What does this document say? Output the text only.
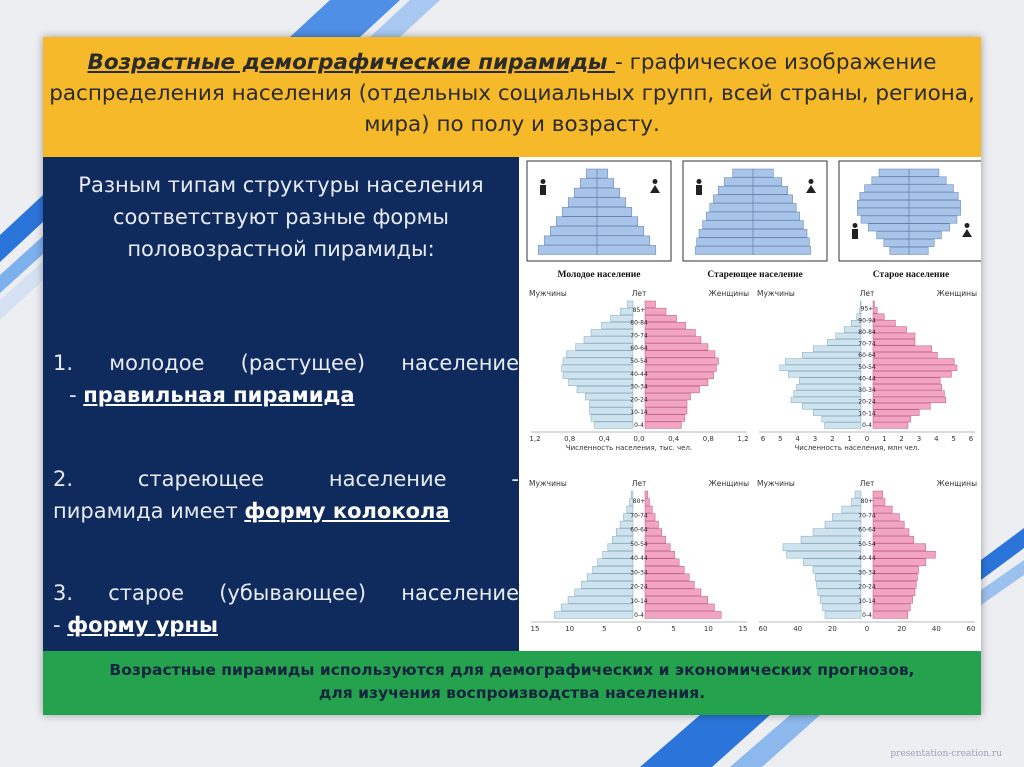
Возрастные демографические пирамиды - графическое изображение распределения населения (отдельных социальных групп, всей страны, региона, мира) по полу и возрасту.
Разным типам структуры населения соответствуют разные формы половозрастной пирамиды:
1. молодое (растущее) население
- правильная пирамида
2. стареющее население -
пирамида имеет форму колокола
3. старое (убывающее) население
- форму урны
Молодое население	Стареющее население	Старое население
Мужчины	Женщины
Лет
0-4
10-14
20-24
30-34
40-44
50-54
60-64
70-74
80-84
85+
1,2	0,8	0,4	0,0	0,4	0,8	1,2
Численность населения, тыс. чел.
Мужчины	Женщины
Лет
0-4
10-14
20-24
30-34
40-44
50-54
60-64
70-74
80-84
90-94
95+
6 5 4 3 2 1 0 1 2 3 4 5 6
Численность населения, млн чел.
Мужчины	Женщины
Лет
0-4
10-14
20-24
30-34
40-44
50-54
60-64
70-74
80+
15	10	5	0	5	10	15
Мужчины	Женщины
Лет
0-4
10-14
20-24
30-34
40-44
50-54
60-64
70-74
80+
60	40	20	0	20	40	60
Возрастные пирамиды используются для демографических и экономических прогнозов,
для изучения воспроизводства населения.
presentation-creation.ru
